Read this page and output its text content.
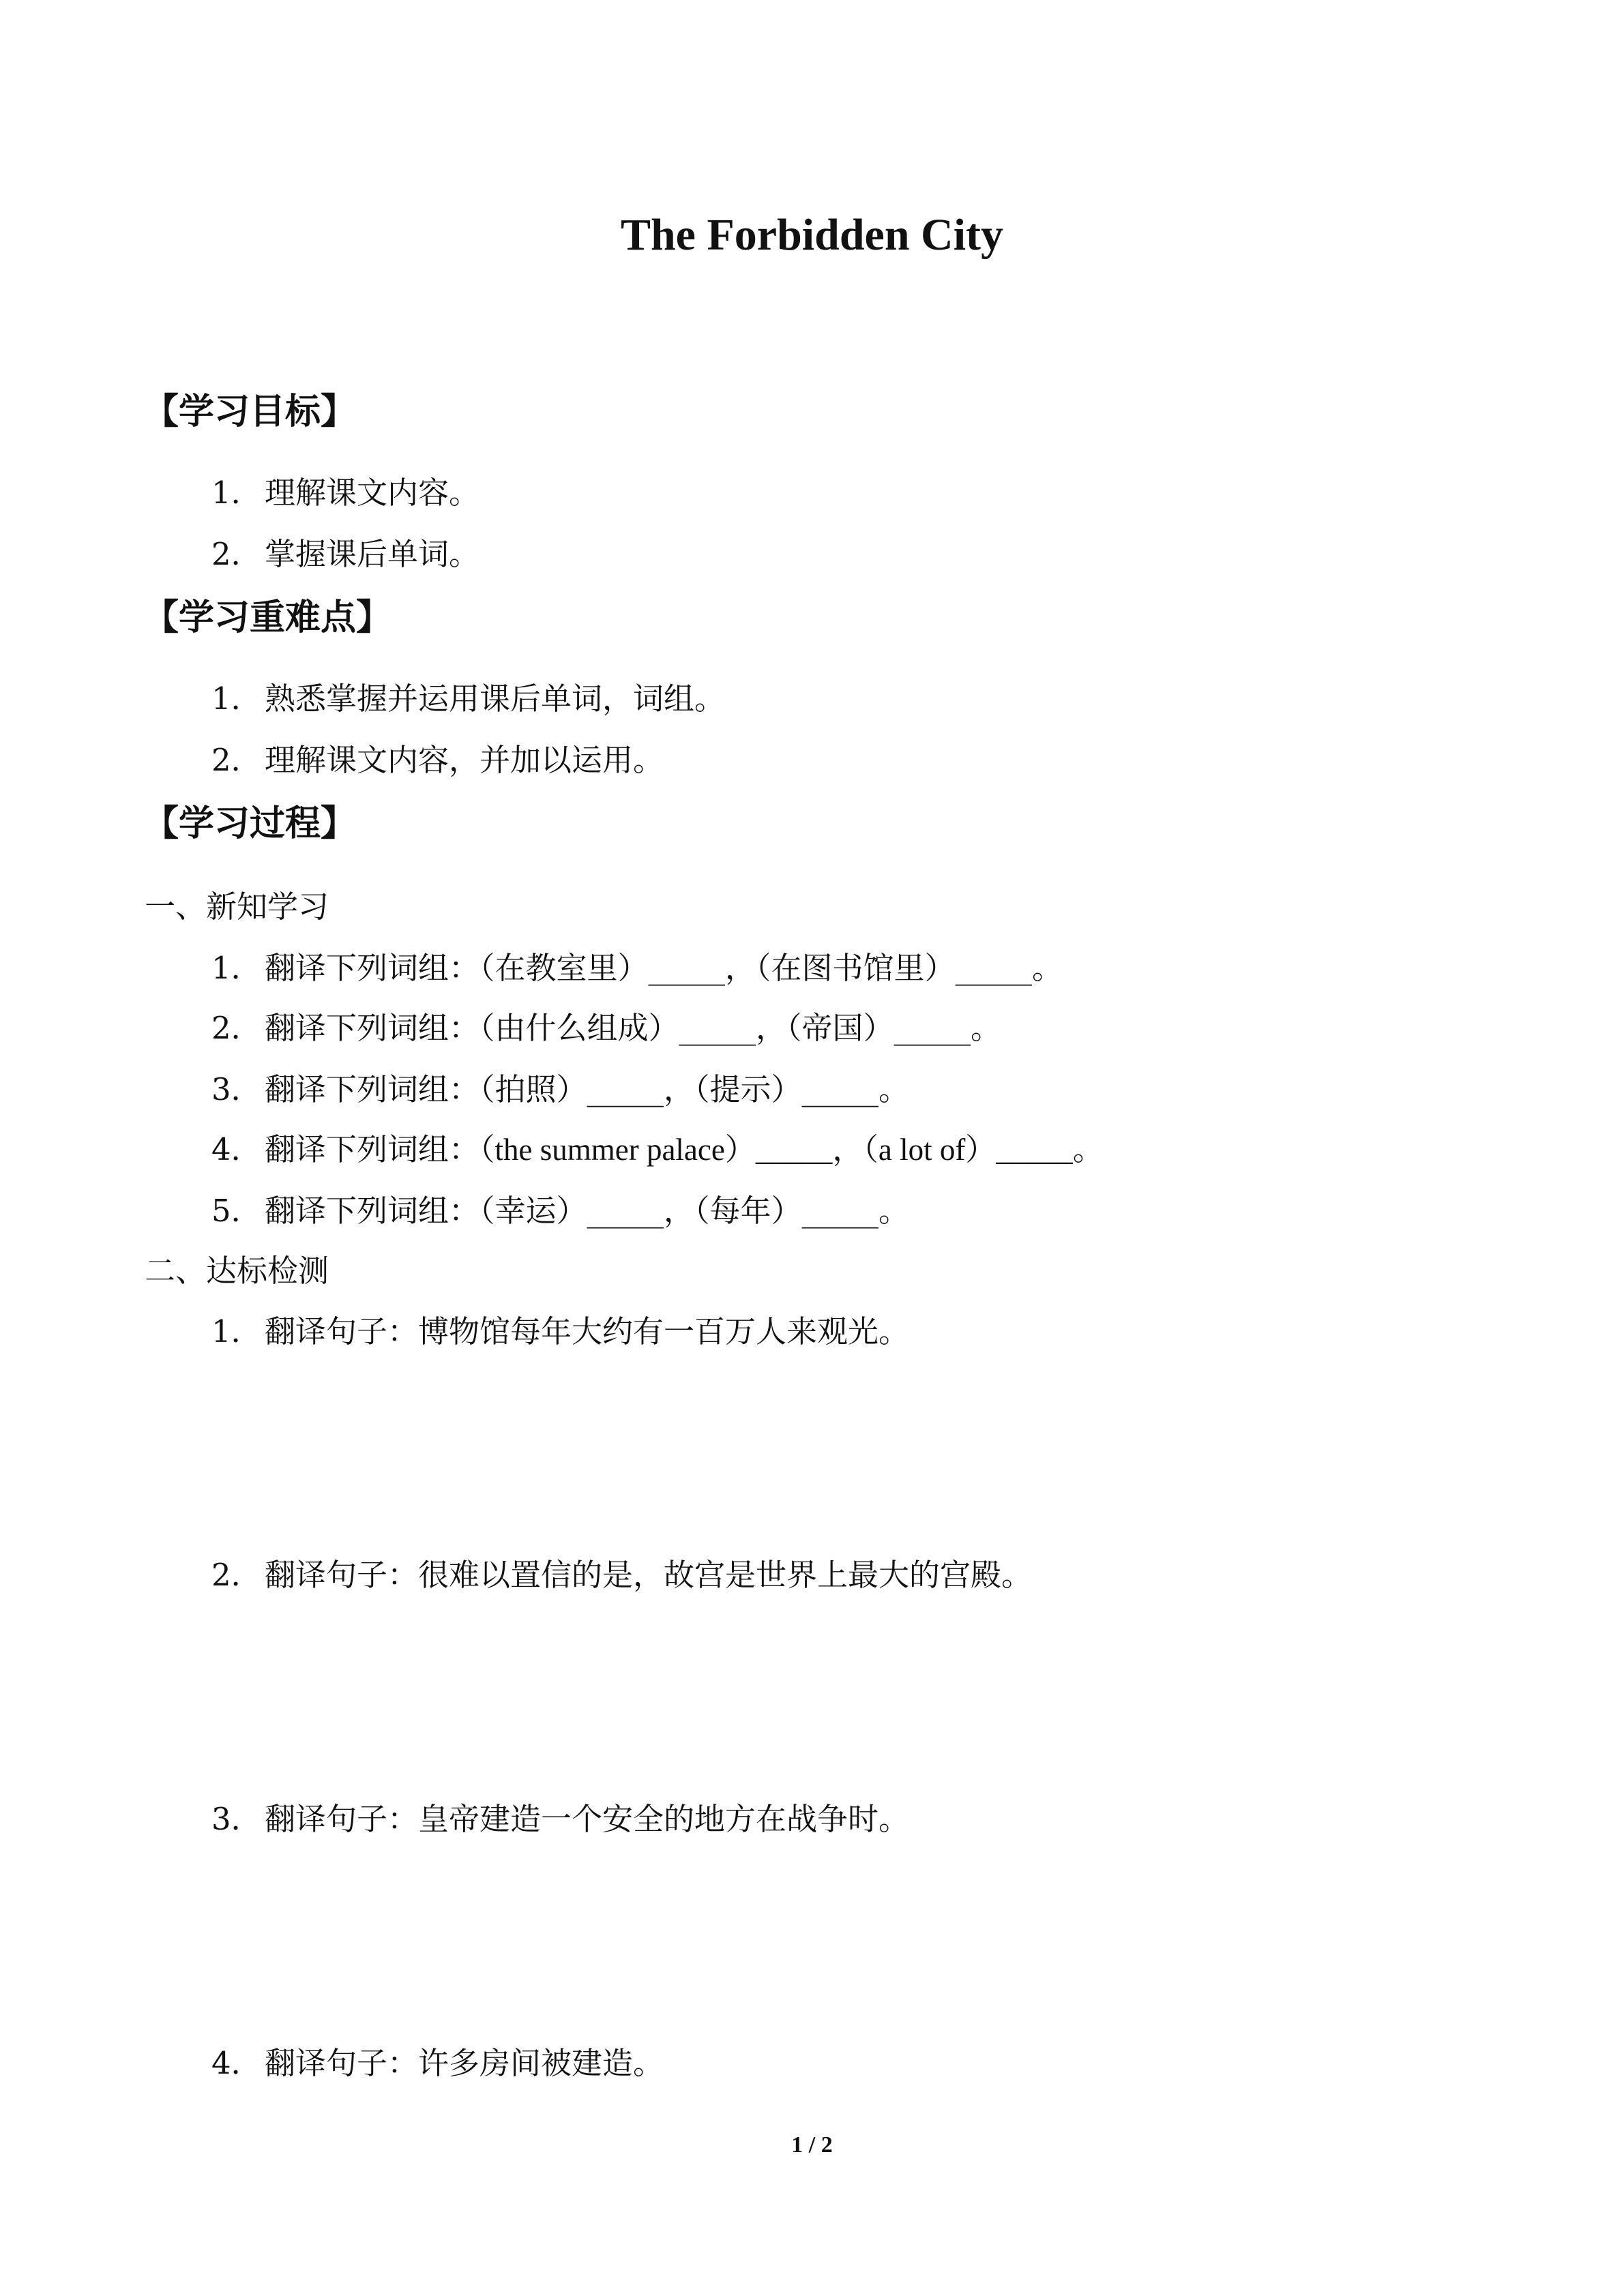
The Forbidden City
【学习目标】
1．理解课文内容。
2．掌握课后单词。
【学习重难点】
1．熟悉掌握并运用课后单词，词组。
2．理解课文内容，并加以运用。
【学习过程】
一、新知学习
1．翻译下列词组：（在教室里）_____，（在图书馆里）_____。
2．翻译下列词组：（由什么组成）_____，（帝国）_____。
3．翻译下列词组：（拍照）_____，（提示）_____。
4．翻译下列词组：（the summer palace）_____，（a lot of）_____。
5．翻译下列词组：（幸运）_____，（每年）_____。
二、达标检测
1．翻译句子：博物馆每年大约有一百万人来观光。
2．翻译句子：很难以置信的是，故宫是世界上最大的宫殿。
3．翻译句子：皇帝建造一个安全的地方在战争时。
4．翻译句子：许多房间被建造。
1 / 2
